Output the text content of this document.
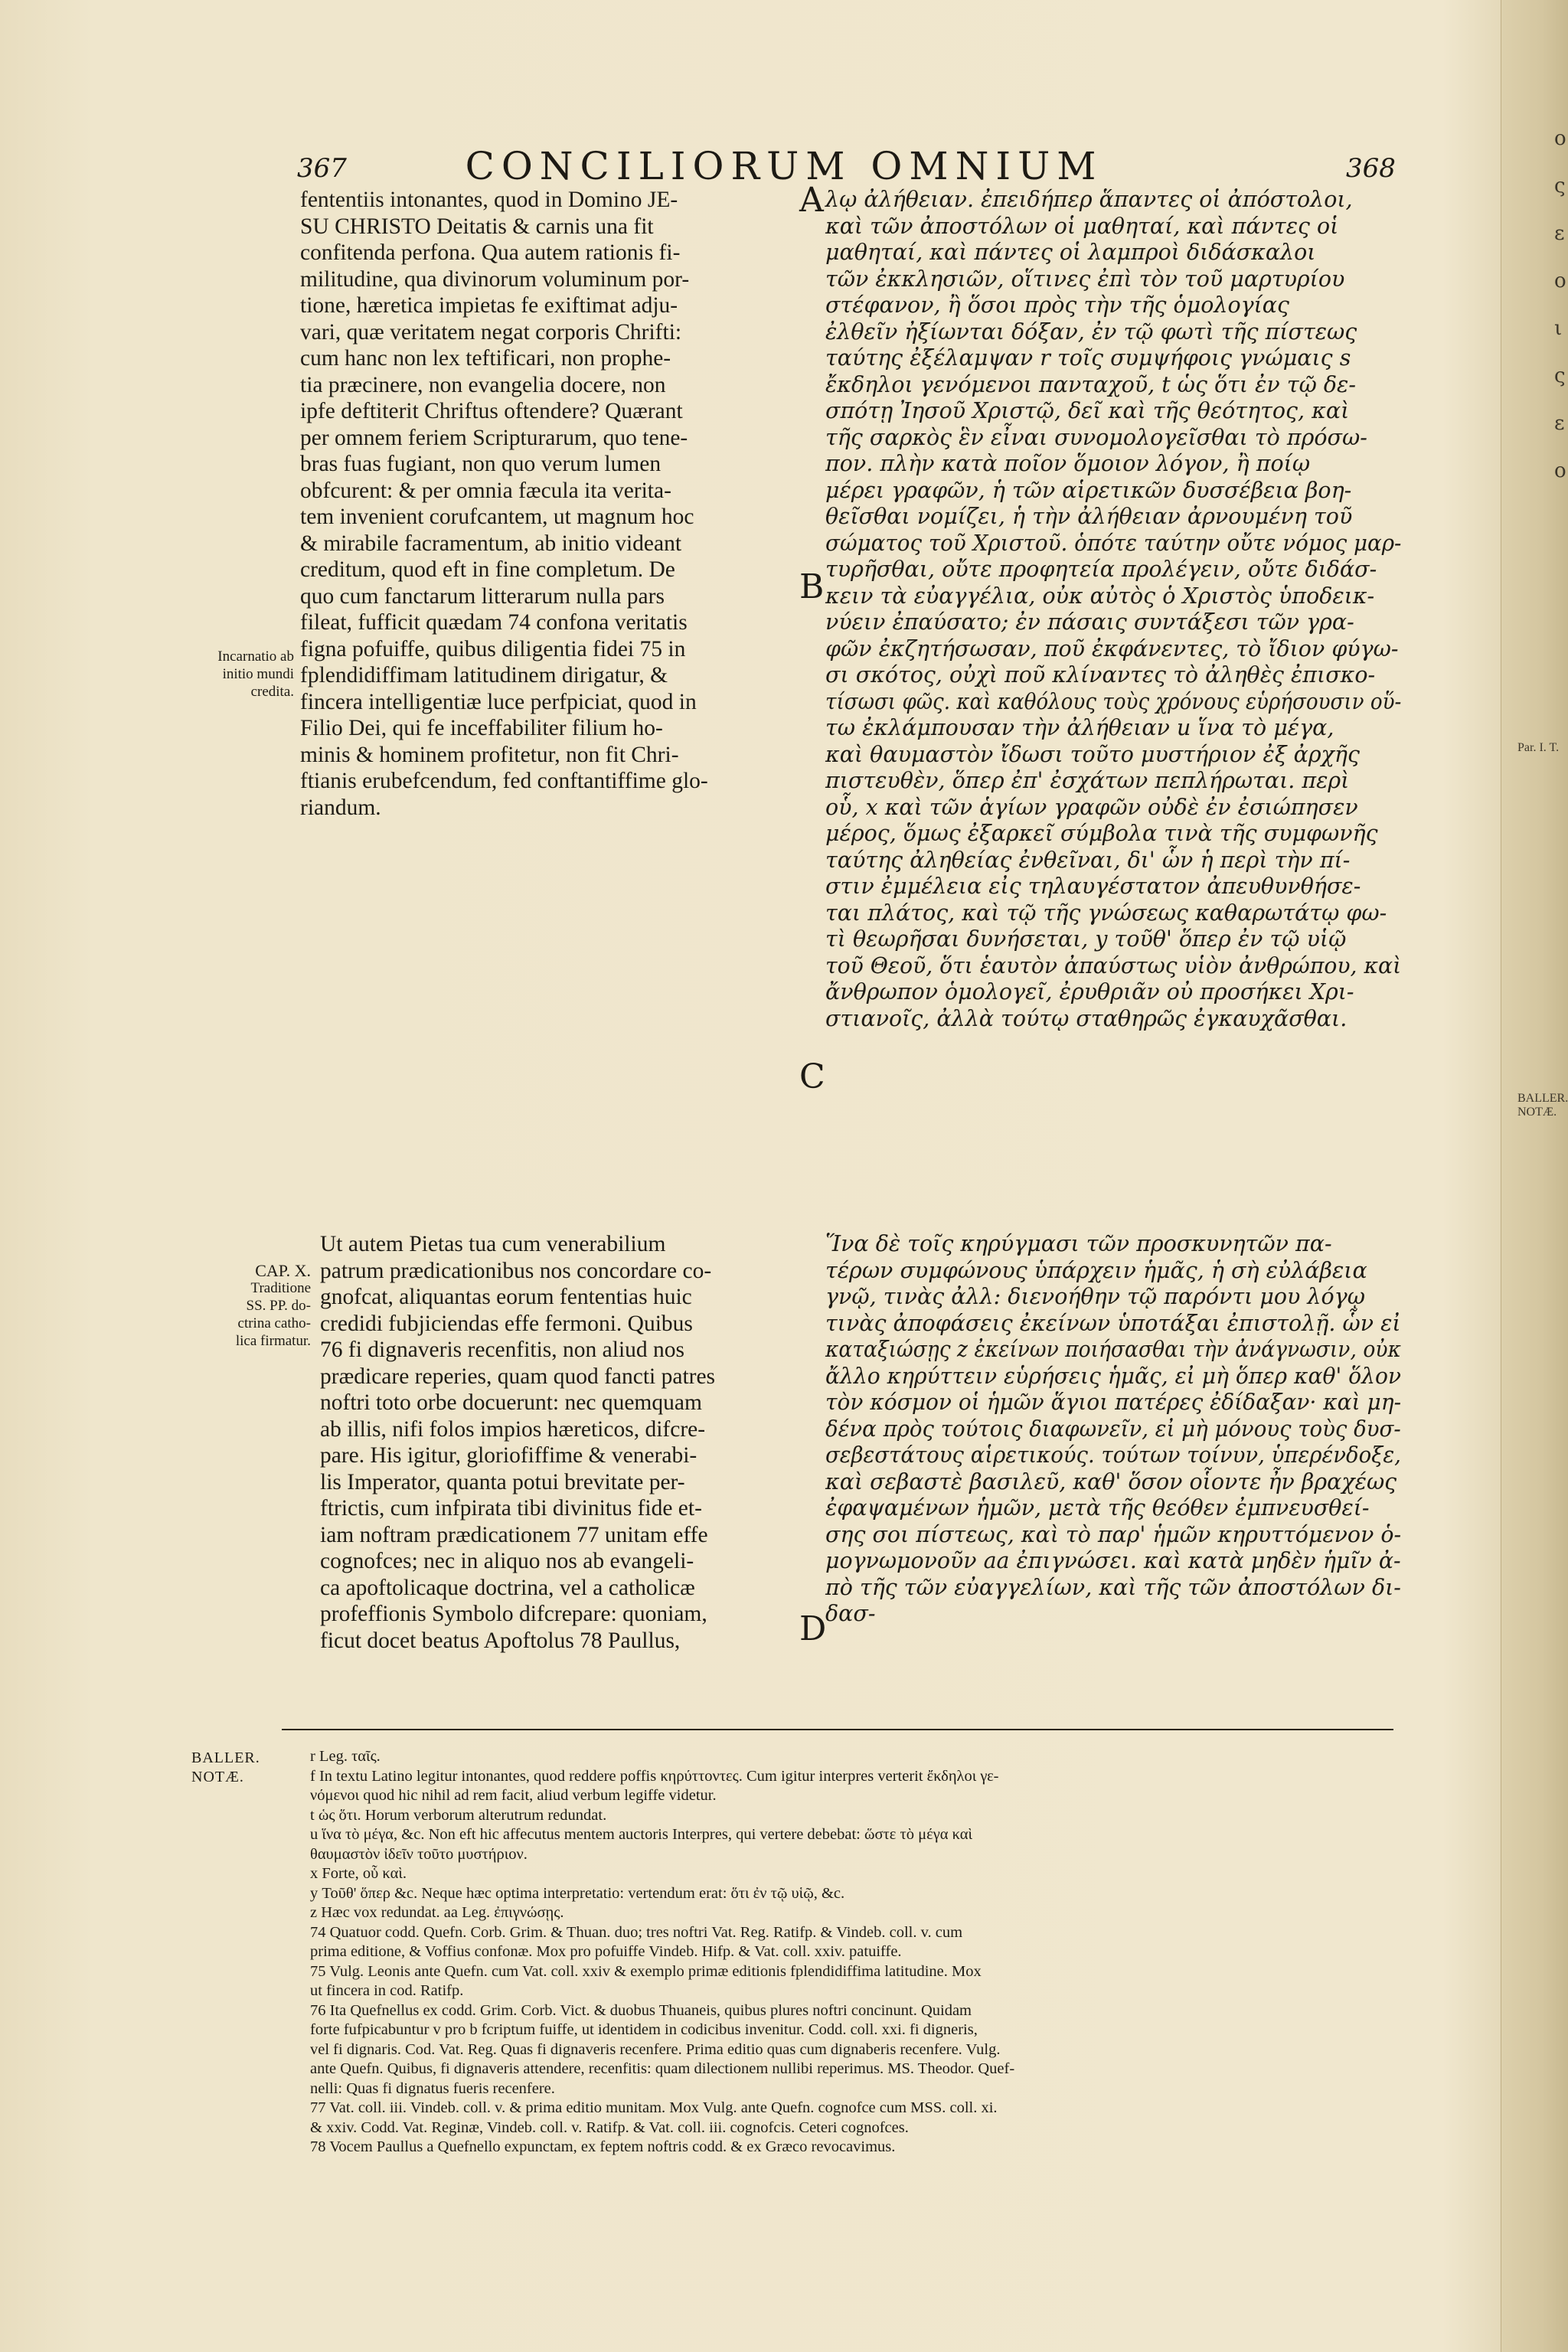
ο
ς
ε
ο
ι
ς
ε
ο
Par. I. T.
BALLER.
NOTÆ.
367	CONCILIORUM OMNIUM	368
fententiis intonantes, quod in Domino JE-
SU CHRISTO Deitatis & carnis una fit
confitenda perfona. Qua autem rationis fi-
militudine, qua divinorum voluminum por-
tione, hæretica impietas fe exiftimat adju-
vari, quæ veritatem negat corporis Chrifti:
cum hanc non lex teftificari, non prophe-
tia præcinere, non evangelia docere, non
ipfe deftiterit Chriftus oftendere? Quærant
per omnem feriem Scripturarum, quo tene-
bras fuas fugiant, non quo verum lumen
obfcurent: & per omnia fæcula ita verita-
tem invenient corufcantem, ut magnum hoc
& mirabile facramentum, ab initio videant
creditum, quod eft in fine completum. De
quo cum fanctarum litterarum nulla pars
fileat, fufficit quædam 74 confona veritatis
figna pofuiffe, quibus diligentia fidei 75 in
fplendidiffimam latitudinem dirigatur, &
fincera intelligentiæ luce perfpiciat, quod in
Filio Dei, qui fe inceffabiliter filium ho-
minis & hominem profitetur, non fit Chri-
ftianis erubefcendum, fed conftantiffime glo-
riandum.
Ut autem Pietas tua cum venerabilium
patrum prædicationibus nos concordare co-
gnofcat, aliquantas eorum fententias huic
credidi fubjiciendas effe fermoni. Quibus
76 fi dignaveris recenfitis, non aliud nos
prædicare reperies, quam quod fancti patres
noftri toto orbe docuerunt: nec quemquam
ab illis, nifi folos impios hæreticos, difcre-
pare. His igitur, gloriofiffime & venerabi-
lis Imperator, quanta potui brevitate per-
ftrictis, cum infpirata tibi divinitus fide et-
iam noftram prædicationem 77 unitam effe
cognofces; nec in aliquo nos ab evangeli-
ca apoftolicaque doctrina, vel a catholicæ
profeffionis Symbolo difcrepare: quoniam,
ficut docet beatus Apoftolus 78 Paullus,
Incarnatio ab
initio mundi
credita.
CAP. X.
Traditione
SS. PP. do-
ctrina catho-
lica firmatur.
A
B
C
D
λῳ ἀλήθειαν. ἐπειδήπερ ἅπαντες οἱ ἀπόστολοι,
καὶ τῶν ἀποστόλων οἱ μαθηταί, καὶ πάντες οἱ
μαθηταί, καὶ πάντες οἱ λαμπροὶ διδάσκαλοι
τῶν ἐκκλησιῶν, οἵτινες ἐπὶ τὸν τοῦ μαρτυρίου
στέφανον, ἢ ὅσοι πρὸς τὴν τῆς ὁμολογίας
ἐλθεῖν ἠξίωνται δόξαν, ἐν τῷ φωτὶ τῆς πίστεως
ταύτης ἐξέλαμψαν r τοῖς συμψήφοις γνώμαις s
ἔκδηλοι γενόμενοι πανταχοῦ, t ὡς ὅτι ἐν τῷ δε-
σπότῃ Ἰησοῦ Χριστῷ, δεῖ καὶ τῆς θεότητος, καὶ
τῆς σαρκὸς ἓν εἶναι συνομολογεῖσθαι τὸ πρόσω-
πον. πλὴν κατὰ ποῖον ὅμοιον λόγον, ἢ ποίῳ
μέρει γραφῶν, ἡ τῶν αἱρετικῶν δυσσέβεια βοη-
θεῖσθαι νομίζει, ἡ τὴν ἀλήθειαν ἀρνουμένη τοῦ
σώματος τοῦ Χριστοῦ. ὁπότε ταύτην οὔτε νόμος μαρ-
τυρῆσθαι, οὔτε προφητεία προλέγειν, οὔτε διδάσ-
κειν τὰ εὐαγγέλια, οὐκ αὐτὸς ὁ Χριστὸς ὑποδεικ-
νύειν ἐπαύσατο; ἐν πάσαις συντάξεσι τῶν γρα-
φῶν ἐκζητήσωσαν, ποῦ ἐκφάνεντες, τὸ ἴδιον φύγω-
σι σκότος, οὐχὶ ποῦ κλίναντες τὸ ἀληθὲς ἐπισκο-
τίσωσι φῶς. καὶ καθόλους τοὺς χρόνους εὑρήσουσιν οὕ-
τω ἐκλάμπουσαν τὴν ἀλήθειαν u ἵνα τὸ μέγα,
καὶ θαυμαστὸν ἴδωσι τοῦτο μυστήριον ἐξ ἀρχῆς
πιστευθὲν, ὅπερ ἐπ' ἐσχάτων πεπλήρωται. περὶ
οὗ, x καὶ τῶν ἁγίων γραφῶν οὐδὲ ἐν ἐσιώπησεν
μέρος, ὅμως ἐξαρκεῖ σύμβολα τινὰ τῆς συμφωνῆς
ταύτης ἀληθείας ἐνθεῖναι, δι' ὧν ἡ περὶ τὴν πί-
στιν ἐμμέλεια εἰς τηλαυγέστατον ἀπευθυνθήσε-
ται πλάτος, καὶ τῷ τῆς γνώσεως καθαρωτάτῳ φω-
τὶ θεωρῆσαι δυνήσεται, y τοῦθ' ὅπερ ἐν τῷ υἱῷ
τοῦ Θεοῦ, ὅτι ἑαυτὸν ἀπαύστως υἱὸν ἀνθρώπου, καὶ
ἄνθρωπον ὁμολογεῖ, ἐρυθριᾶν οὐ προσήκει Χρι-
στιανοῖς, ἀλλὰ τούτῳ σταθηρῶς ἐγκαυχᾶσθαι.
Ἵνα δὲ τοῖς κηρύγμασι τῶν προσκυνητῶν πα-
τέρων συμφώνους ὑπάρχειν ἡμᾶς, ἡ σὴ εὐλάβεια
γνῷ, τινὰς ἀλλ: διενοήθην τῷ παρόντι μου λόγῳ
τινὰς ἀποφάσεις ἐκείνων ὑποτάξαι ἐπιστολῇ. ὧν εἰ
καταξιώσῃς z ἐκείνων ποιήσασθαι τὴν ἀνάγνωσιν, οὐκ
ἄλλο κηρύττειν εὑρήσεις ἡμᾶς, εἰ μὴ ὅπερ καθ' ὅλον
τὸν κόσμον οἱ ἡμῶν ἅγιοι πατέρες ἐδίδαξαν· καὶ μη-
δένα πρὸς τούτοις διαφωνεῖν, εἰ μὴ μόνους τοὺς δυσ-
σεβεστάτους αἱρετικούς. τούτων τοίνυν, ὑπερένδοξε,
καὶ σεβαστὲ βασιλεῦ, καθ' ὅσον οἷοντε ἦν βραχέως
ἐφαψαμένων ἡμῶν, μετὰ τῆς θεόθεν ἐμπνευσθεί-
σης σοι πίστεως, καὶ τὸ παρ' ἡμῶν κηρυττόμενον ὁ-
μογνωμονοῦν aa ἐπιγνώσει. καὶ κατὰ μηδὲν ἡμῖν ἀ-
πὸ τῆς τῶν εὐαγγελίων, καὶ τῆς τῶν ἀποστόλων δι-
δασ-
BALLER.
NOTÆ.
r Leg. ταῖς.
f In textu Latino legitur intonantes, quod reddere poffis κηρύττοντες. Cum igitur interpres verterit ἔκδηλοι γε-
νόμενοι quod hic nihil ad rem facit, aliud verbum legiffe videtur.
t ὡς ὅτι. Horum verborum alterutrum redundat.
u ἵνα τὸ μέγα, &c. Non eft hic affecutus mentem auctoris Interpres, qui vertere debebat: ὥστε τὸ μέγα καὶ
θαυμαστὸν ἰδεῖν τοῦτο μυστήριον.
x Forte, οὗ καὶ.
y Τοῦθ' ὅπερ &c. Neque hæc optima interpretatio: vertendum erat: ὅτι ἐν τῷ υἱῷ, &c.
z Hæc vox redundat. aa Leg. ἐπιγνώσῃς.
74 Quatuor codd. Quefn. Corb. Grim. & Thuan. duo; tres noftri Vat. Reg. Ratifp. & Vindeb. coll. v. cum
prima editione, & Voffius confonæ. Mox pro pofuiffe Vindeb. Hifp. & Vat. coll. xxiv. patuiffe.
75 Vulg. Leonis ante Quefn. cum Vat. coll. xxiv & exemplo primæ editionis fplendidiffima latitudine. Mox
ut fincera in cod. Ratifp.
76 Ita Quefnellus ex codd. Grim. Corb. Vict. & duobus Thuaneis, quibus plures noftri concinunt. Quidam
forte fufpicabuntur v pro b fcriptum fuiffe, ut identidem in codicibus invenitur. Codd. coll. xxi. fi digneris,
vel fi dignaris. Cod. Vat. Reg. Quas fi dignaveris recenfere. Prima editio quas cum dignaberis recenfere. Vulg.
ante Quefn. Quibus, fi dignaveris attendere, recenfitis: quam dilectionem nullibi reperimus. MS. Theodor. Quef-
nelli: Quas fi dignatus fueris recenfere.
77 Vat. coll. iii. Vindeb. coll. v. & prima editio munitam. Mox Vulg. ante Quefn. cognofce cum MSS. coll. xi.
& xxiv. Codd. Vat. Reginæ, Vindeb. coll. v. Ratifp. & Vat. coll. iii. cognofcis. Ceteri cognofces.
78 Vocem Paullus a Quefnello expunctam, ex feptem noftris codd. & ex Græco revocavimus.
